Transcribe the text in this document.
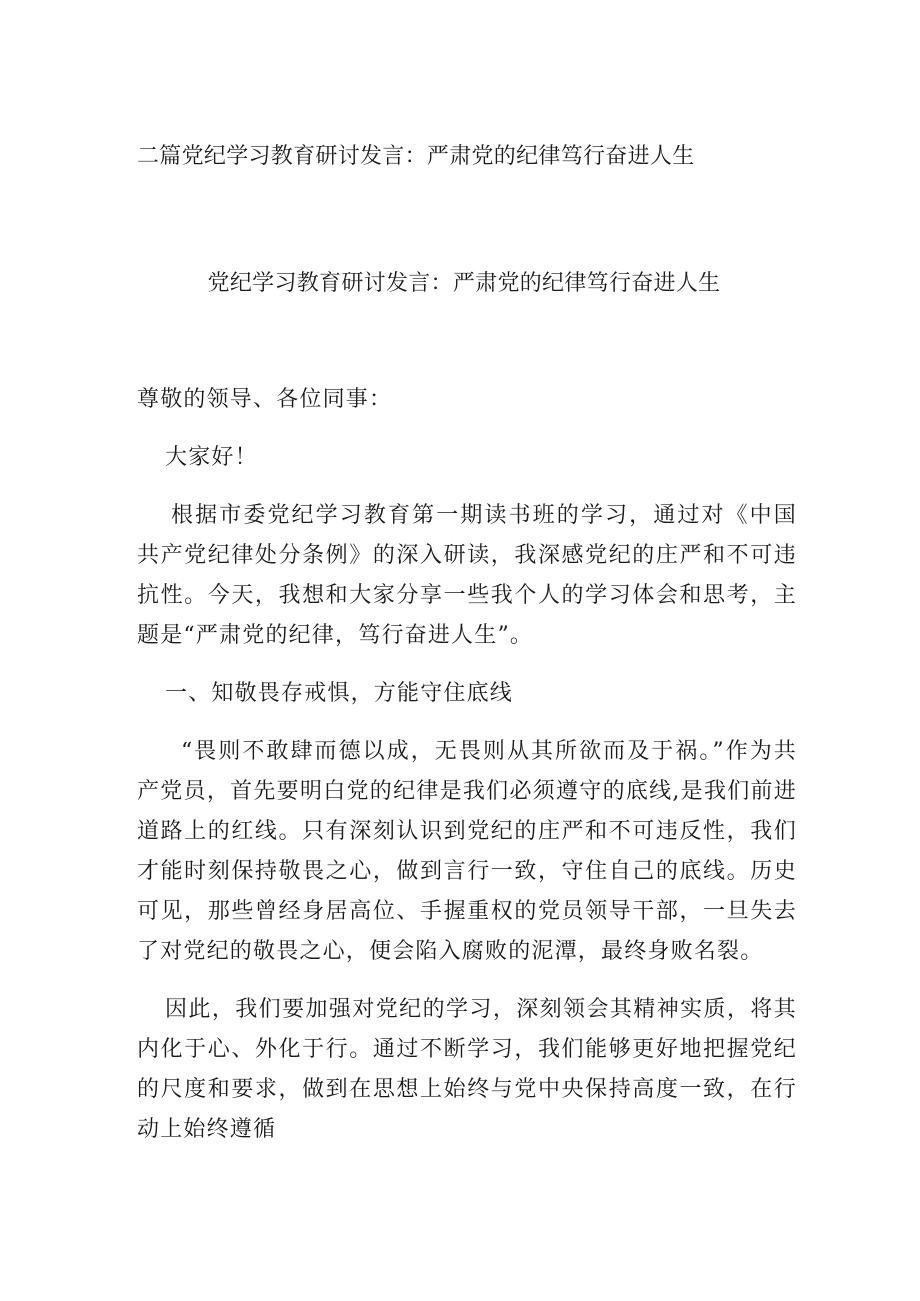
二篇党纪学习教育研讨发言：严肃党的纪律笃行奋进人生
党纪学习教育研讨发言：严肃党的纪律笃行奋进人生

尊敬的领导、各位同事：

大家好！

根据市委党纪学习教育第一期读书班的学习，通过对《中国共产党纪律处分条例》的深入研读，我深感党纪的庄严和不可违抗性。今天，我想和大家分享一些我个人的学习体会和思考，主题是“严肃党的纪律，笃行奋进人生”。

一、知敬畏存戒惧，方能守住底线

“畏则不敢肆而德以成，无畏则从其所欲而及于祸。”作为共产党员，首先要明白党的纪律是我们必须遵守的底线,是我们前进道路上的红线。只有深刻认识到党纪的庄严和不可违反性，我们才能时刻保持敬畏之心，做到言行一致，守住自己的底线。历史可见，那些曾经身居高位、手握重权的党员领导干部，一旦失去了对党纪的敬畏之心，便会陷入腐败的泥潭，最终身败名裂。

因此，我们要加强对党纪的学习，深刻领会其精神实质，将其内化于心、外化于行。通过不断学习，我们能够更好地把握党纪的尺度和要求，做到在思想上始终与党中央保持高度一致，在行动上始终遵循
